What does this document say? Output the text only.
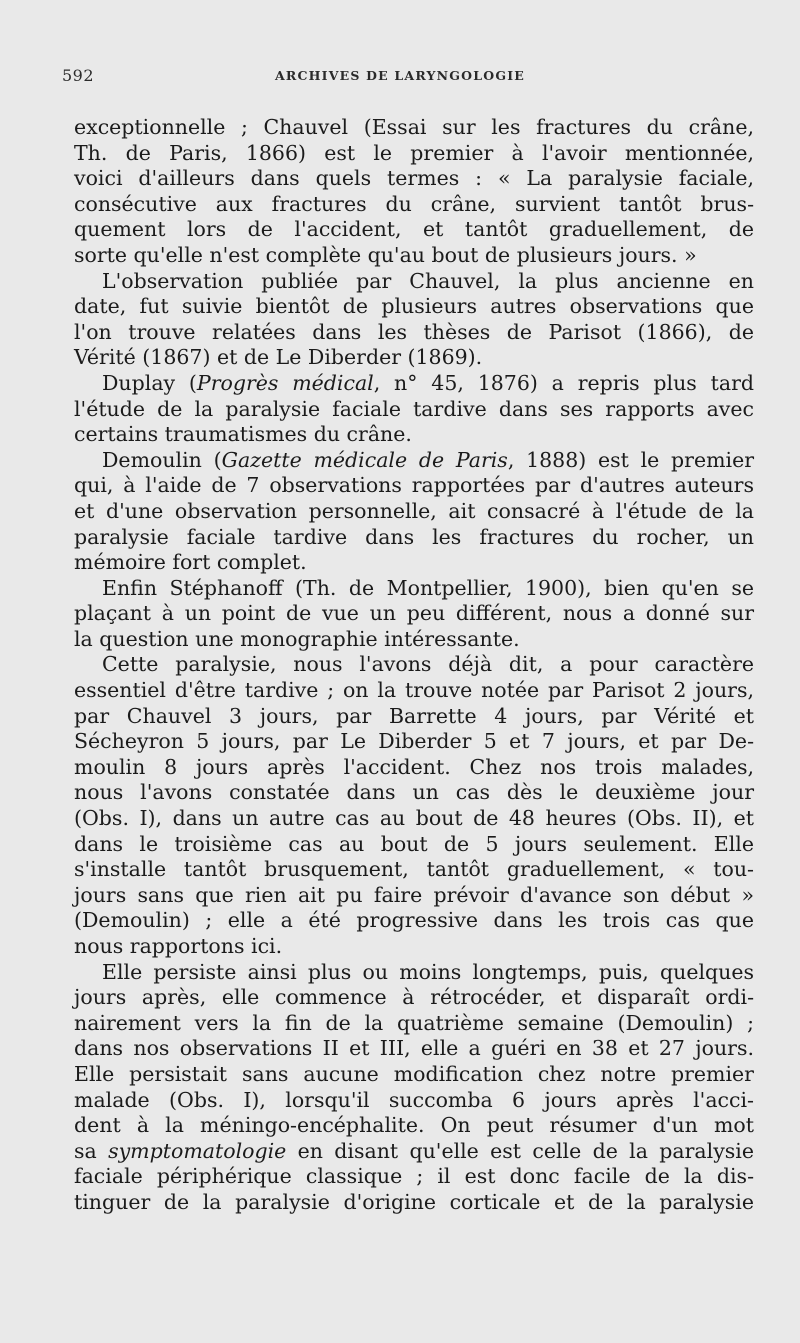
592	ARCHIVES DE LARYNGOLOGIE
exceptionnelle ; Chauvel (Essai sur les fractures du crâne,
Th. de Paris, 1866) est le premier à l'avoir mentionnée,
voici d'ailleurs dans quels termes : « La paralysie faciale,
consécutive aux fractures du crâne, survient tantôt brus-
quement lors de l'accident, et tantôt graduellement, de
sorte qu'elle n'est complète qu'au bout de plusieurs jours. »
L'observation publiée par Chauvel, la plus ancienne en
date, fut suivie bientôt de plusieurs autres observations que
l'on trouve relatées dans les thèses de Parisot (1866), de
Vérité (1867) et de Le Diberder (1869).
Duplay (Progrès médical, n° 45, 1876) a repris plus tard
l'étude de la paralysie faciale tardive dans ses rapports avec
certains traumatismes du crâne.
Demoulin (Gazette médicale de Paris, 1888) est le premier
qui, à l'aide de 7 observations rapportées par d'autres auteurs
et d'une observation personnelle, ait consacré à l'étude de la
paralysie faciale tardive dans les fractures du rocher, un
mémoire fort complet.
Enfin Stéphanoff (Th. de Montpellier, 1900), bien qu'en se
plaçant à un point de vue un peu différent, nous a donné sur
la question une monographie intéressante.
Cette paralysie, nous l'avons déjà dit, a pour caractère
essentiel d'être tardive ; on la trouve notée par Parisot 2 jours,
par Chauvel 3 jours, par Barrette 4 jours, par Vérité et
Sécheyron 5 jours, par Le Diberder 5 et 7 jours, et par De-
moulin 8 jours après l'accident. Chez nos trois malades,
nous l'avons constatée dans un cas dès le deuxième jour
(Obs. I), dans un autre cas au bout de 48 heures (Obs. II), et
dans le troisième cas au bout de 5 jours seulement. Elle
s'installe tantôt brusquement, tantôt graduellement, « tou-
jours sans que rien ait pu faire prévoir d'avance son début »
(Demoulin) ; elle a été progressive dans les trois cas que
nous rapportons ici.
Elle persiste ainsi plus ou moins longtemps, puis, quelques
jours après, elle commence à rétrocéder, et disparaît ordi-
nairement vers la fin de la quatrième semaine (Demoulin) ;
dans nos observations II et III, elle a guéri en 38 et 27 jours.
Elle persistait sans aucune modification chez notre premier
malade (Obs. I), lorsqu'il succomba 6 jours après l'acci-
dent à la méningo-encéphalite. On peut résumer d'un mot
sa symptomatologie en disant qu'elle est celle de la paralysie
faciale périphérique classique ; il est donc facile de la dis-
tinguer de la paralysie d'origine corticale et de la paralysie
